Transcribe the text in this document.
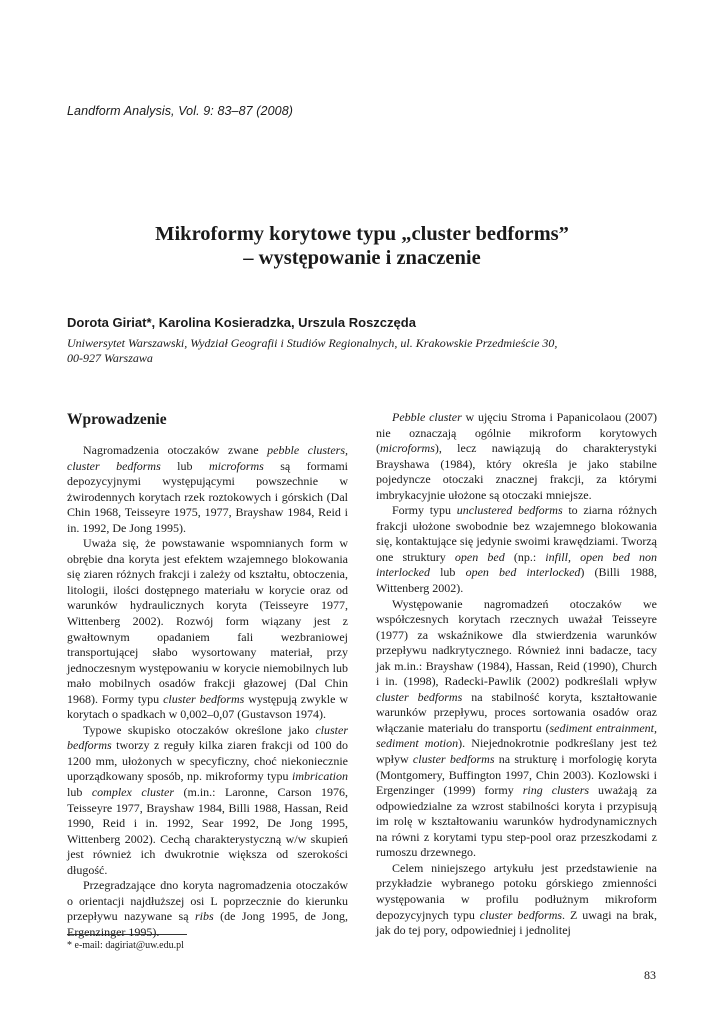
Landform Analysis, Vol. 9: 83–87 (2008)
Mikroformy korytowe typu „cluster bedforms”
– występowanie i znaczenie
Dorota Giriat*, Karolina Kosieradzka, Urszula Roszczęda
Uniwersytet Warszawski, Wydział Geografii i Studiów Regionalnych, ul. Krakowskie Przedmieście 30,
00-927 Warszawa
Wprowadzenie

Nagromadzenia otoczaków zwane pebble clusters, cluster bedforms lub microforms są formami depozycyjnymi występującymi powszechnie w żwirodennych korytach rzek roztokowych i górskich (Dal Chin 1968, Teisseyre 1975, 1977, Brayshaw 1984, Reid i in. 1992, De Jong 1995).

Uważa się, że powstawanie wspomnianych form w obrębie dna koryta jest efektem wzajemnego blokowania się ziaren różnych frakcji i zależy od kształtu, obtoczenia, litologii, ilości dostępnego materiału w korycie oraz od warunków hydraulicznych koryta (Teisseyre 1977, Wittenberg 2002). Rozwój form wiązany jest z gwałtownym opadaniem fali wezbraniowej transportującej słabo wysortowany materiał, przy jednoczesnym występowaniu w korycie niemobilnych lub mało mobilnych osadów frakcji głazowej (Dal Chin 1968). Formy typu cluster bedforms występują zwykle w korytach o spadkach w 0,002–0,07 (Gustavson 1974).

Typowe skupisko otoczaków określone jako cluster bedforms tworzy z reguły kilka ziaren frakcji od 100 do 1200 mm, ułożonych w specyficzny, choć niekoniecznie uporządkowany sposób, np. mikroformy typu imbrication lub complex cluster (m.in.: Laronne, Carson 1976, Teisseyre 1977, Brayshaw 1984, Billi 1988, Hassan, Reid 1990, Reid i in. 1992, Sear 1992, De Jong 1995, Wittenberg 2002). Cechą charakterystyczną w/w skupień jest również ich dwukrotnie większa od szerokości długość.

Przegradzające dno koryta nagromadzenia otoczaków o orientacji najdłuższej osi L poprzecznie do kierunku przepływu nazywane są ribs (de Jong 1995, de Jong, Ergenzinger 1995).

Pebble cluster w ujęciu Stroma i Papanicolaou (2007) nie oznaczają ogólnie mikroform korytowych (microforms), lecz nawiązują do charakterystyki Brayshawa (1984), który określa je jako stabilne pojedyncze otoczaki znacznej frakcji, za którymi imbrykacyjnie ułożone są otoczaki mniejsze.

Formy typu unclustered bedforms to ziarna różnych frakcji ułożone swobodnie bez wzajemnego blokowania się, kontaktujące się jedynie swoimi krawędziami. Tworzą one struktury open bed (np.: infill, open bed non interlocked lub open bed interlocked) (Billi 1988, Wittenberg 2002).

Występowanie nagromadzeń otoczaków we współczesnych korytach rzecznych uważał Teisseyre (1977) za wskaźnikowe dla stwierdzenia warunków przepływu nadkrytycznego. Również inni badacze, tacy jak m.in.: Brayshaw (1984), Hassan, Reid (1990), Church i in. (1998), Radecki-Pawlik (2002) podkreślali wpływ cluster bedforms na stabilność koryta, kształtowanie warunków przepływu, proces sortowania osadów oraz włączanie materiału do transportu (sediment entrainment, sediment motion). Niejednokrotnie podkreślany jest też wpływ cluster bedforms na strukturę i morfologię koryta (Montgomery, Buffington 1997, Chin 2003). Kozlowski i Ergenzinger (1999) formy ring clusters uważają za odpowiedzialne za wzrost stabilności koryta i przypisują im rolę w kształtowaniu warunków hydrodynamicznych na równi z korytami typu step-pool oraz przeszkodami z rumoszu drzewnego.

Celem niniejszego artykułu jest przedstawienie na przykładzie wybranego potoku górskiego zmienności występowania w profilu podłużnym mikroform depozycyjnych typu cluster bedforms. Z uwagi na brak, jak do tej pory, odpowiedniej i jednolitej

* e-mail: dagiriat@uw.edu.pl
83
